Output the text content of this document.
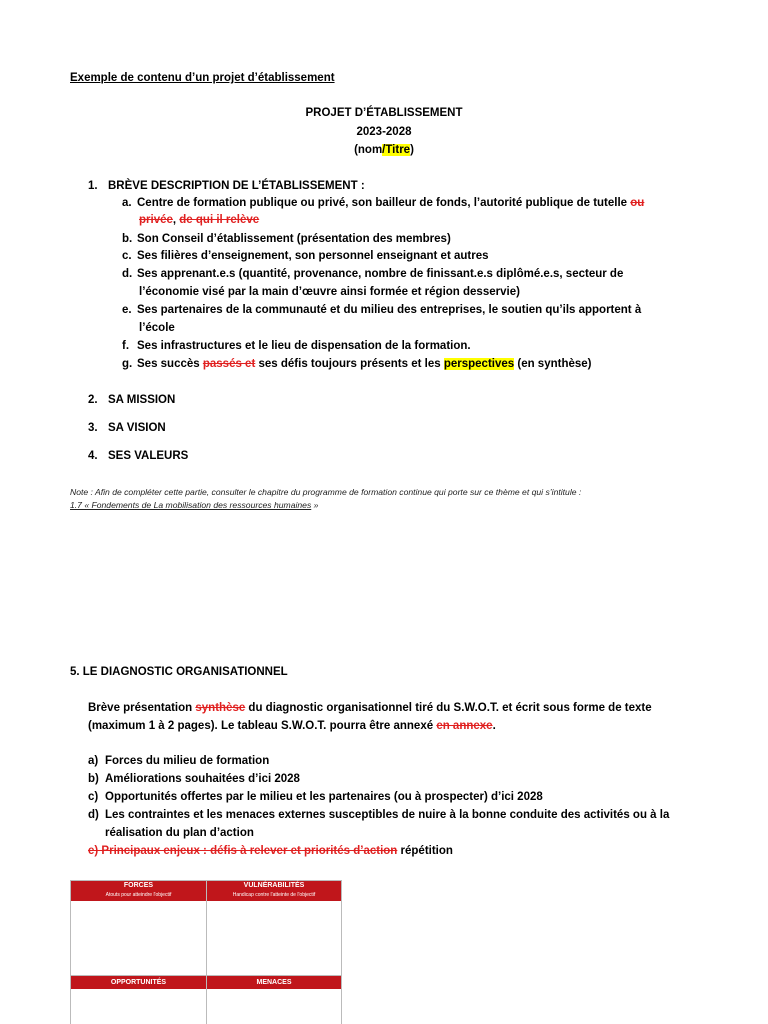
Exemple de contenu d’un projet d’établissement
PROJET D’ÉTABLISSEMENT
2023-2028
(nom/Titre)
1. BRÈVE DESCRIPTION DE L’ÉTABLISSEMENT :
a. Centre de formation publique ou privé, son bailleur de fonds, l’autorité publique de tutelle ou
privée, de qui il relève
b. Son Conseil d’établissement (présentation des membres)
c. Ses filières d’enseignement, son personnel enseignant et autres
d. Ses apprenant.e.s (quantité, provenance, nombre de finissant.e.s diplômé.e.s, secteur de
l’économie visé par la main d’œuvre ainsi formée et région desservie)
e. Ses partenaires de la communauté et du milieu des entreprises, le soutien qu’ils apportent à
l’école
f. Ses infrastructures et le lieu de dispensation de la formation.
g. Ses succès passés et ses défis toujours présents et les perspectives (en synthèse)
2. SA MISSION
3. SA VISION
4. SES VALEURS
Note : Afin de compléter cette partie, consulter le chapitre du programme de formation continue qui porte sur ce thème et qui s’intitule :
1.7 « Fondements de La mobilisation des ressources humaines »
5. LE DIAGNOSTIC ORGANISATIONNEL
Brève présentation synthèse du diagnostic organisationnel tiré du S.W.O.T. et écrit sous forme de texte
(maximum 1 à 2 pages). Le tableau S.W.O.T. pourra être annexé en annexe.
a) Forces du milieu de formation
b) Améliorations souhaitées d’ici 2028
c) Opportunités offertes par le milieu et les partenaires (ou à prospecter) d’ici 2028
d) Les contraintes et les menaces externes susceptibles de nuire à la bonne conduite des activités ou à la
réalisation du plan d’action
e) Principaux enjeux : défis à relever et priorités d’action répétition
FORCES
Atouts pour atteindre l'objectif
VULNÉRABILITÉS
Handicap contre l'atteinte de l'objectif
OPPORTUNITÉS	MENACES
